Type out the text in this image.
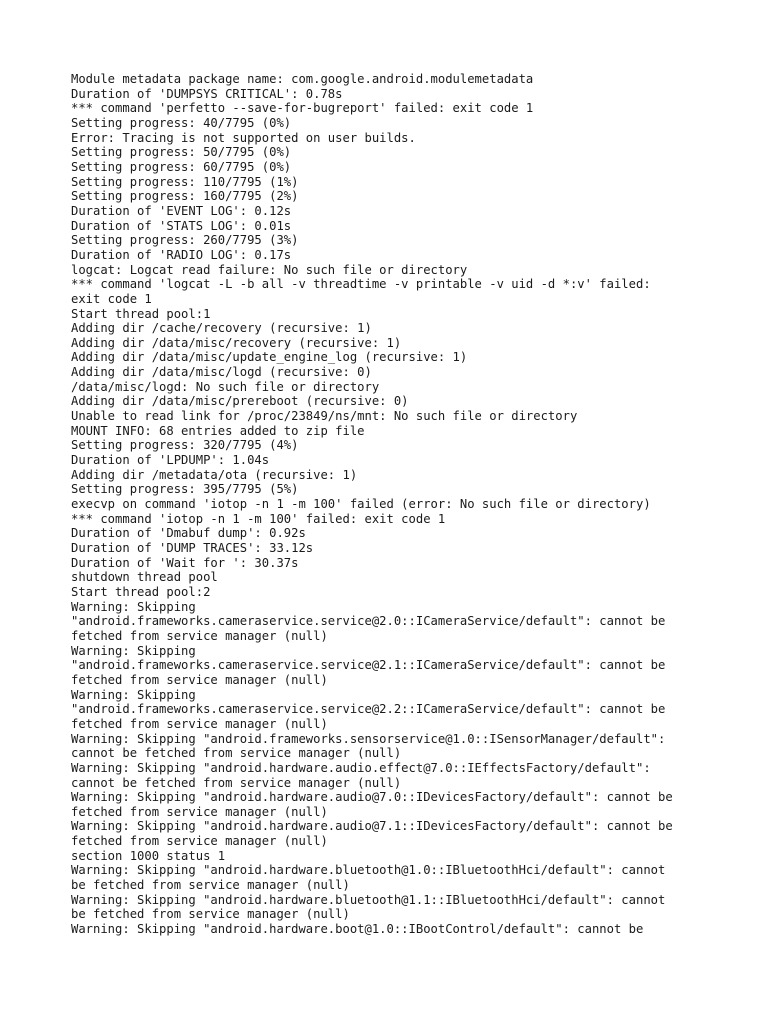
Module metadata package name: com.google.android.modulemetadata
Duration of 'DUMPSYS CRITICAL': 0.78s
*** command 'perfetto --save-for-bugreport' failed: exit code 1
Setting progress: 40/7795 (0%)
Error: Tracing is not supported on user builds.
Setting progress: 50/7795 (0%)
Setting progress: 60/7795 (0%)
Setting progress: 110/7795 (1%)
Setting progress: 160/7795 (2%)
Duration of 'EVENT LOG': 0.12s
Duration of 'STATS LOG': 0.01s
Setting progress: 260/7795 (3%)
Duration of 'RADIO LOG': 0.17s
logcat: Logcat read failure: No such file or directory
*** command 'logcat -L -b all -v threadtime -v printable -v uid -d *:v' failed:
exit code 1
Start thread pool:1
Adding dir /cache/recovery (recursive: 1)
Adding dir /data/misc/recovery (recursive: 1)
Adding dir /data/misc/update_engine_log (recursive: 1)
Adding dir /data/misc/logd (recursive: 0)
/data/misc/logd: No such file or directory
Adding dir /data/misc/prereboot (recursive: 0)
Unable to read link for /proc/23849/ns/mnt: No such file or directory
MOUNT INFO: 68 entries added to zip file
Setting progress: 320/7795 (4%)
Duration of 'LPDUMP': 1.04s
Adding dir /metadata/ota (recursive: 1)
Setting progress: 395/7795 (5%)
execvp on command 'iotop -n 1 -m 100' failed (error: No such file or directory)
*** command 'iotop -n 1 -m 100' failed: exit code 1
Duration of 'Dmabuf dump': 0.92s
Duration of 'DUMP TRACES': 33.12s
Duration of 'Wait for ': 30.37s
shutdown thread pool
Start thread pool:2
Warning: Skipping
"android.frameworks.cameraservice.service@2.0::ICameraService/default": cannot be
fetched from service manager (null)
Warning: Skipping
"android.frameworks.cameraservice.service@2.1::ICameraService/default": cannot be
fetched from service manager (null)
Warning: Skipping
"android.frameworks.cameraservice.service@2.2::ICameraService/default": cannot be
fetched from service manager (null)
Warning: Skipping "android.frameworks.sensorservice@1.0::ISensorManager/default":
cannot be fetched from service manager (null)
Warning: Skipping "android.hardware.audio.effect@7.0::IEffectsFactory/default":
cannot be fetched from service manager (null)
Warning: Skipping "android.hardware.audio@7.0::IDevicesFactory/default": cannot be
fetched from service manager (null)
Warning: Skipping "android.hardware.audio@7.1::IDevicesFactory/default": cannot be
fetched from service manager (null)
section 1000 status 1
Warning: Skipping "android.hardware.bluetooth@1.0::IBluetoothHci/default": cannot
be fetched from service manager (null)
Warning: Skipping "android.hardware.bluetooth@1.1::IBluetoothHci/default": cannot
be fetched from service manager (null)
Warning: Skipping "android.hardware.boot@1.0::IBootControl/default": cannot be
